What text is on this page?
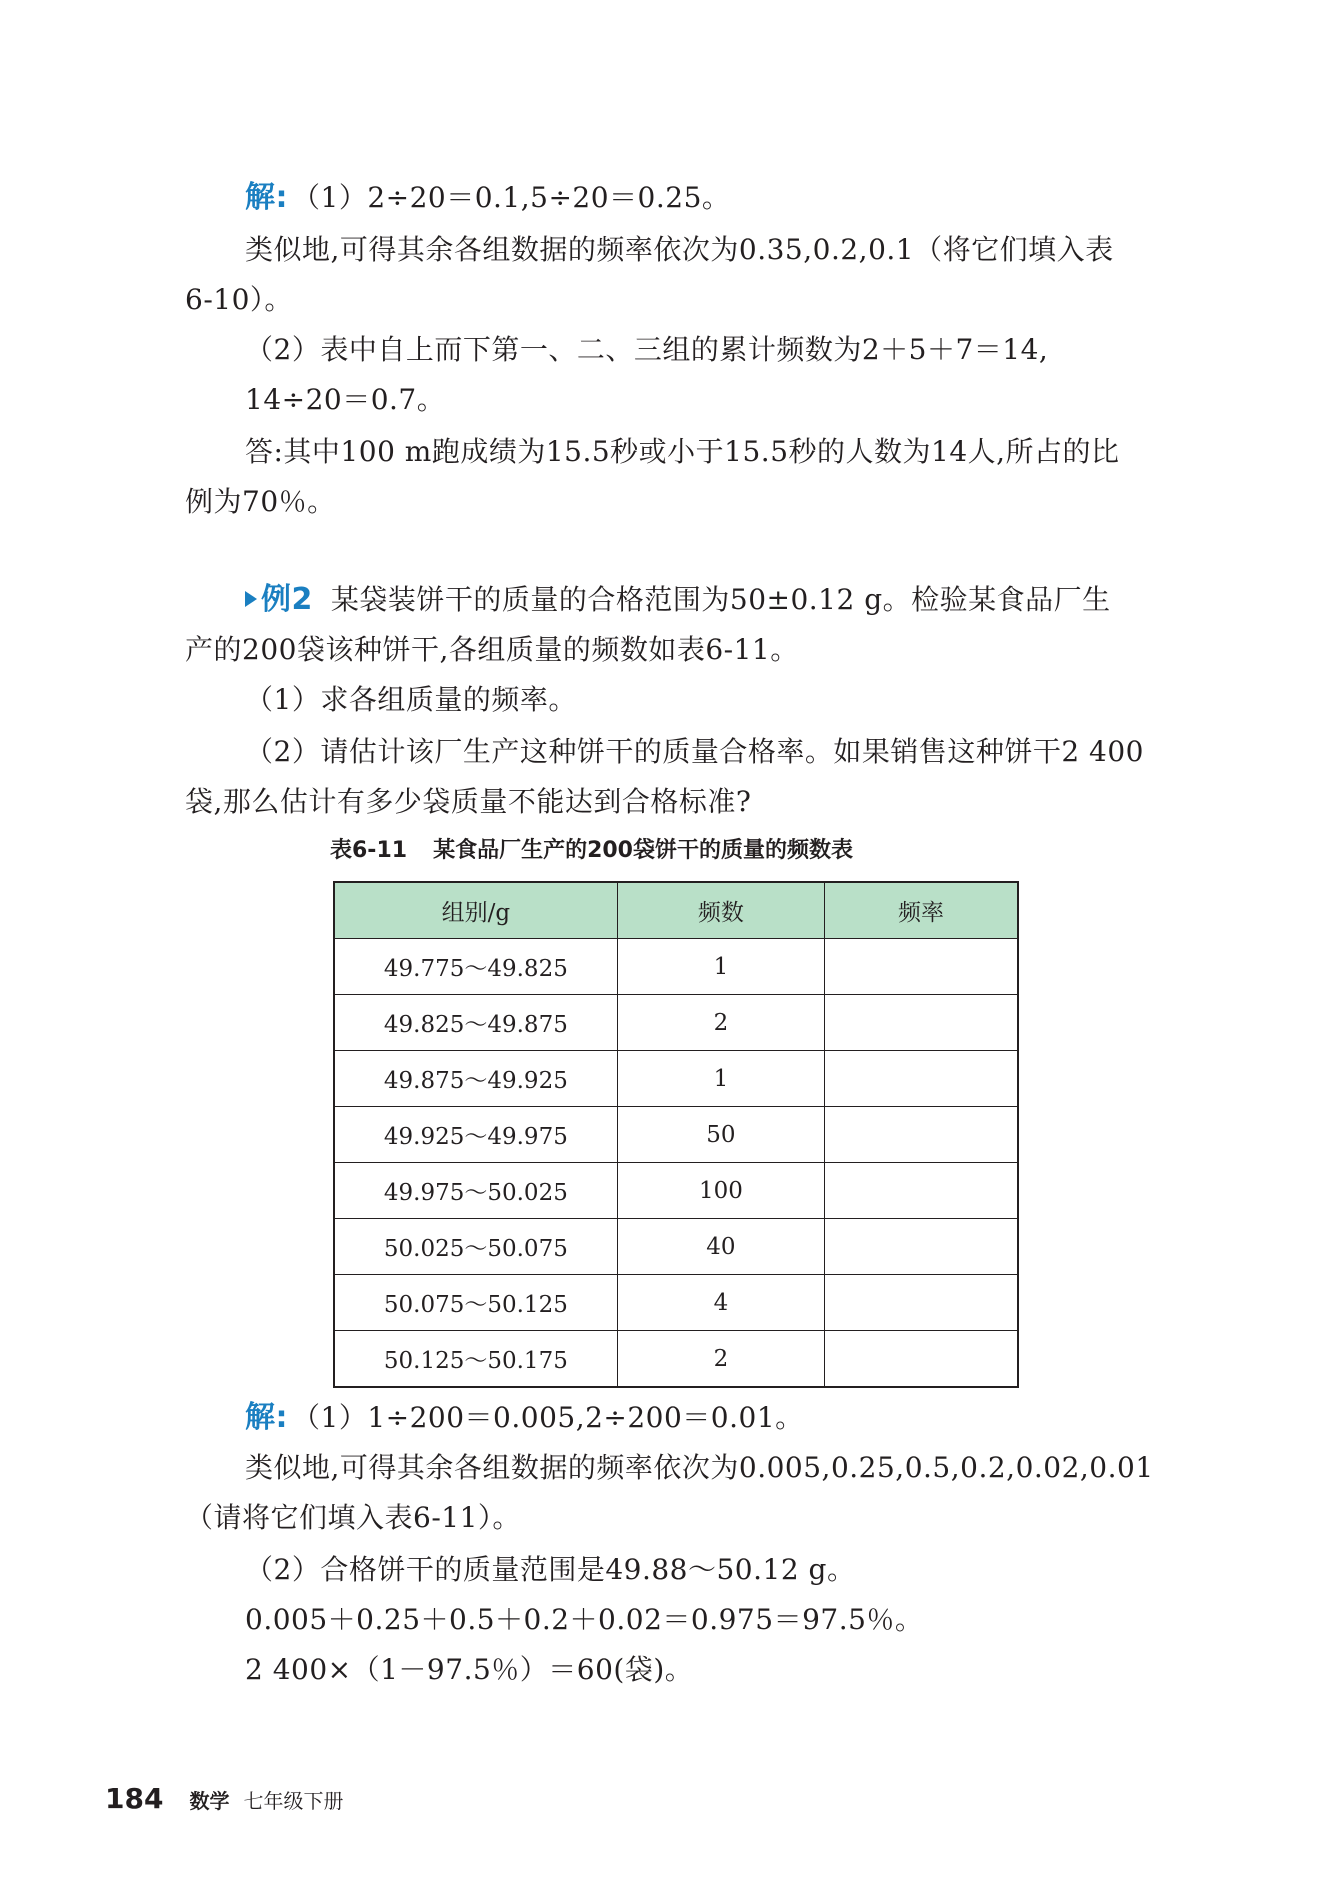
解: （1）2÷20＝0.1,5÷20＝0.25。

类似地,可得其余各组数据的频率依次为0.35,0.2,0.1（将它们填入表

6-10）。

（2）表中自上而下第一、二、三组的累计频数为2＋5＋7＝14,

14÷20＝0.7。

答:其中100 m跑成绩为15.5秒或小于15.5秒的人数为14人,所占的比

例为70％。

例2 某袋装饼干的质量的合格范围为50±0.12 g。检验某食品厂生

产的200袋该种饼干,各组质量的频数如表6-11。

（1）求各组质量的频率。

（2）请估计该厂生产这种饼干的质量合格率。如果销售这种饼干2 400

袋,那么估计有多少袋质量不能达到合格标准?

表6-11 某食品厂生产的200袋饼干的质量的频数表

组别/g	频数	频率
49.775～49.825	1	
49.825～49.875	2	
49.875～49.925	1	
49.925～49.975	50	
49.975～50.025	100	
50.025～50.075	40	
50.075～50.125	4	
50.125～50.175	2	

解: （1）1÷200＝0.005,2÷200＝0.01。

类似地,可得其余各组数据的频率依次为0.005,0.25,0.5,0.2,0.02,0.01

（请将它们填入表6-11）。

（2）合格饼干的质量范围是49.88～50.12 g。

0.005＋0.25＋0.5＋0.2＋0.02＝0.975＝97.5％。

2 400×（1－97.5％）＝60(袋)。

184 数学 七年级下册
